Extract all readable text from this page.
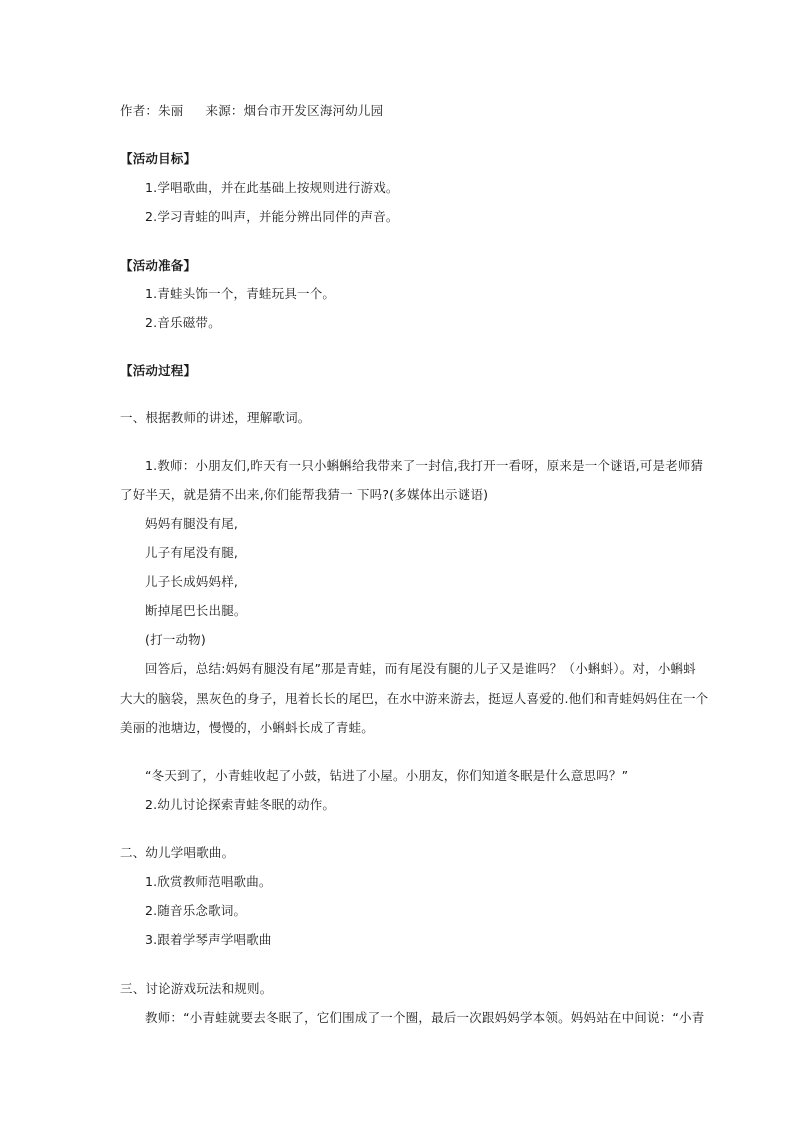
作者：朱丽 来源：烟台市开发区海河幼儿园
【活动目标】
1.学唱歌曲，并在此基础上按规则进行游戏。
2.学习青蛙的叫声，并能分辨出同伴的声音。
【活动准备】
1.青蛙头饰一个，青蛙玩具一个。
2.音乐磁带。
【活动过程】
一、根据教师的讲述，理解歌词。
1.教师：小朋友们,昨天有一只小蝌蝌给我带来了一封信,我打开一看呀，原来是一个谜语,可是老师猜
了好半天，就是猜不出来,你们能帮我猜一 下吗?(多媒体出示谜语)
妈妈有腿没有尾,
儿子有尾没有腿,
儿子长成妈妈样,
断掉尾巴长出腿。
(打一动物)
回答后，总结:妈妈有腿没有尾”那是青蛙，而有尾没有腿的儿子又是谁吗？（小蝌蚪）。对，小蝌蚪
大大的脑袋，黑灰色的身子，甩着长长的尾巴，在水中游来游去，挺逗人喜爱的.他们和青蛙妈妈住在一个
美丽的池塘边，慢慢的，小蝌蚪长成了青蛙。
“冬天到了，小青蛙收起了小鼓，钻进了小屋。小朋友，你们知道冬眠是什么意思吗？”
2.幼儿讨论探索青蛙冬眠的动作。
二、幼儿学唱歌曲。
1.欣赏教师范唱歌曲。
2.随音乐念歌词。
3.跟着学琴声学唱歌曲
三、讨论游戏玩法和规则。
教师：“小青蛙就要去冬眠了，它们围成了一个圈，最后一次跟妈妈学本领。妈妈站在中间说：“小青
